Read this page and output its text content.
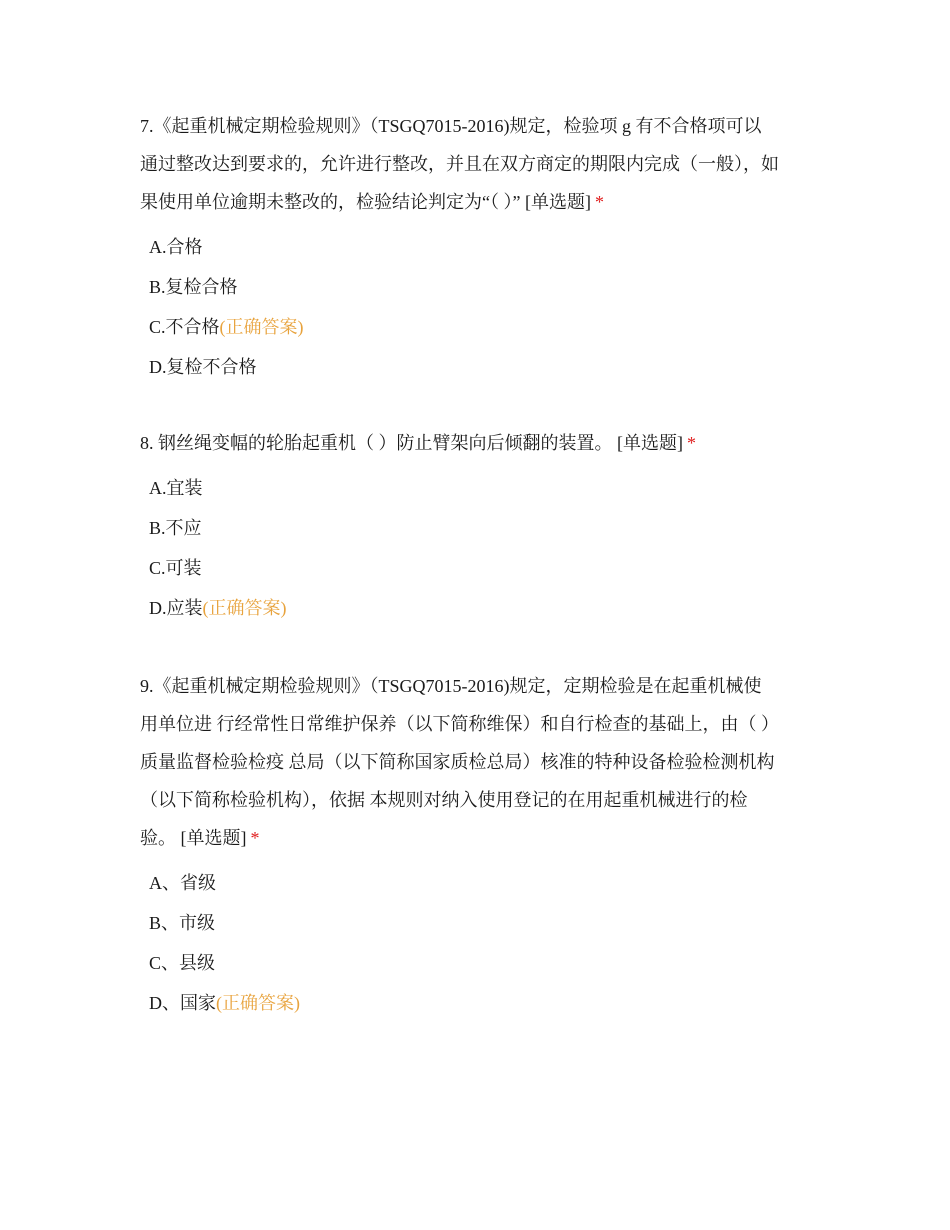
7.《起重机械定期检验规则》（TSGQ7015-2016)规定，检验项 g 有不合格项可以
通过整改达到要求的，允许进行整改，并且在双方商定的期限内完成（一般），如
果使用单位逾期未整改的，检验结论判定为“（ ）” [单选题] *

A.合格
B.复检合格
C.不合格(正确答案)
D.复检不合格

8. 钢丝绳变幅的轮胎起重机（ ）防止臂架向后倾翻的装置。 [单选题] *

A.宜装
B.不应
C.可装
D.应装(正确答案)

9.《起重机械定期检验规则》（TSGQ7015-2016)规定，定期检验是在起重机械使
用单位进 行经常性日常维护保养（以下简称维保）和自行检查的基础上，由（ ）
质量监督检验检疫 总局（以下简称国家质检总局）核准的特种设备检验检测机构
（以下简称检验机构），依据 本规则对纳入使用登记的在用起重机械进行的检
验。 [单选题] *

A、省级
B、市级
C、县级
D、国家(正确答案)
